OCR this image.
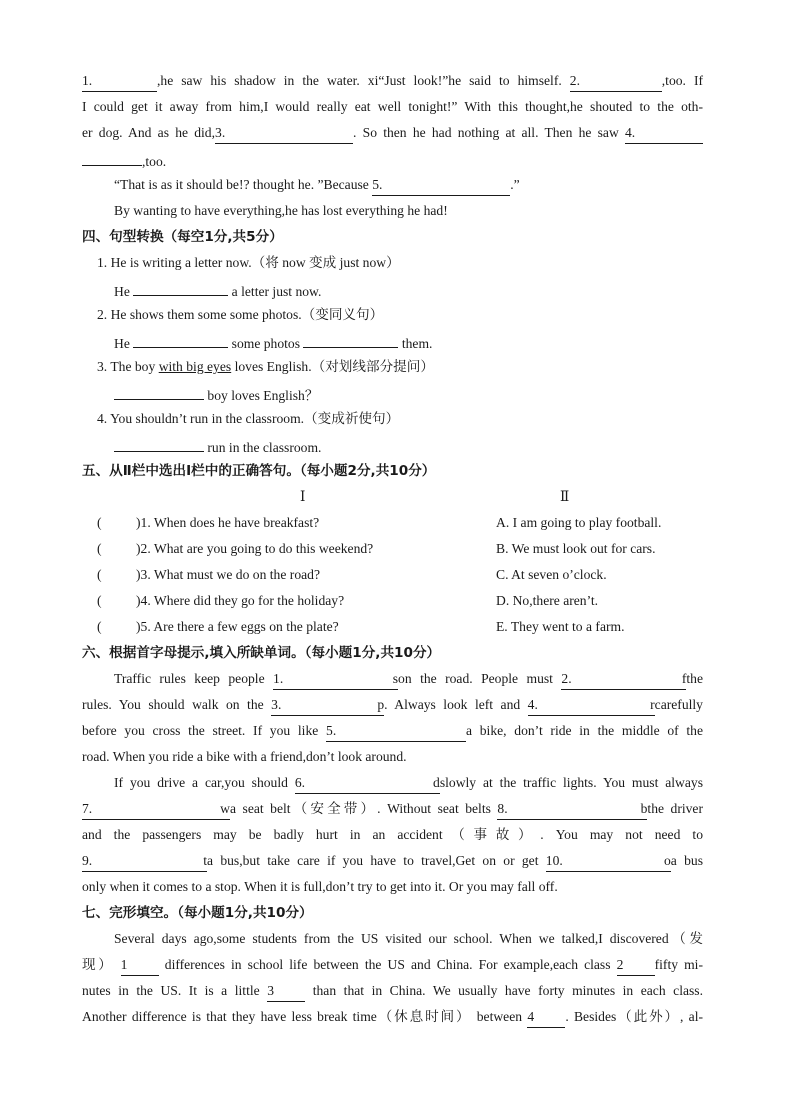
1.	,he saw his shadow in the water. xi“Just look!”he said to himself. 2.	,too. If
I could get it away from him,I would really eat well tonight!” With this thought,he shouted to the oth-
er dog. And as he did,3.	. So then he had nothing at all. Then he saw 4.
,too.
“That is as it should be!? thought he. ”Because 5.	.”
By wanting to have everything,he has lost everything he had!
四、句型转换（每空1分,共5分）
1. He is writing a letter now.（将 now 变成 just now）
He	a letter just now.
2. He shows them some some photos.（变同义句）
He	some photos	them.
3. The boy with big eyes loves English.（对划线部分提问）
boy loves English？
4. You shouldn’t run in the classroom.（变成祈使句）
run in the classroom.
五、从Ⅱ栏中选出Ⅰ栏中的正确答句。（每小题2分,共10分）
Ⅰ	Ⅱ
(	)1. When does he have breakfast?	A. I am going to play football.
(	)2. What are you going to do this weekend?	B. We must look out for cars.
(	)3. What must we do on the road?	C. At seven o’clock.
(	)4. Where did they go for the holiday?	D. No,there aren’t.
(	)5. Are there a few eggs on the plate?	E. They went to a farm.
六、根据首字母提示,填入所缺单词。（每小题1分,共10分）
Traffic rules keep people 1. son the road. People must 2. fthe
rules. You should walk on the 3. p. Always look left and 4. rcarefully
before you cross the street. If you like 5.	a bike, don’t ride in the middle of the
road. When you ride a bike with a friend,don’t look around.
If you drive a car,you should 6. dslowly at the traffic lights. You must always
7. wa seat belt（安全带）. Without seat belts 8. bthe driver
and the passengers may be badly hurt in an accident（事故）. You may not need to
9. ta bus,but take care if you have to travel,Get on or get 10. oa bus
only when it comes to a stop. When it is full,don’t try to get into it. Or you may fall off.
七、完形填空。（每小题1分,共10分）
Several days ago,some students from the US visited our school. When we talked,I discovered（发
现） 1	differences in school life between the US and China. For example,each class 2 fifty mi-
nutes in the US. It is a little 3	than that in China. We usually have forty minutes in each class.
Another difference is that they have less break time（休息时间） between 4 . Besides（此外）, al-
